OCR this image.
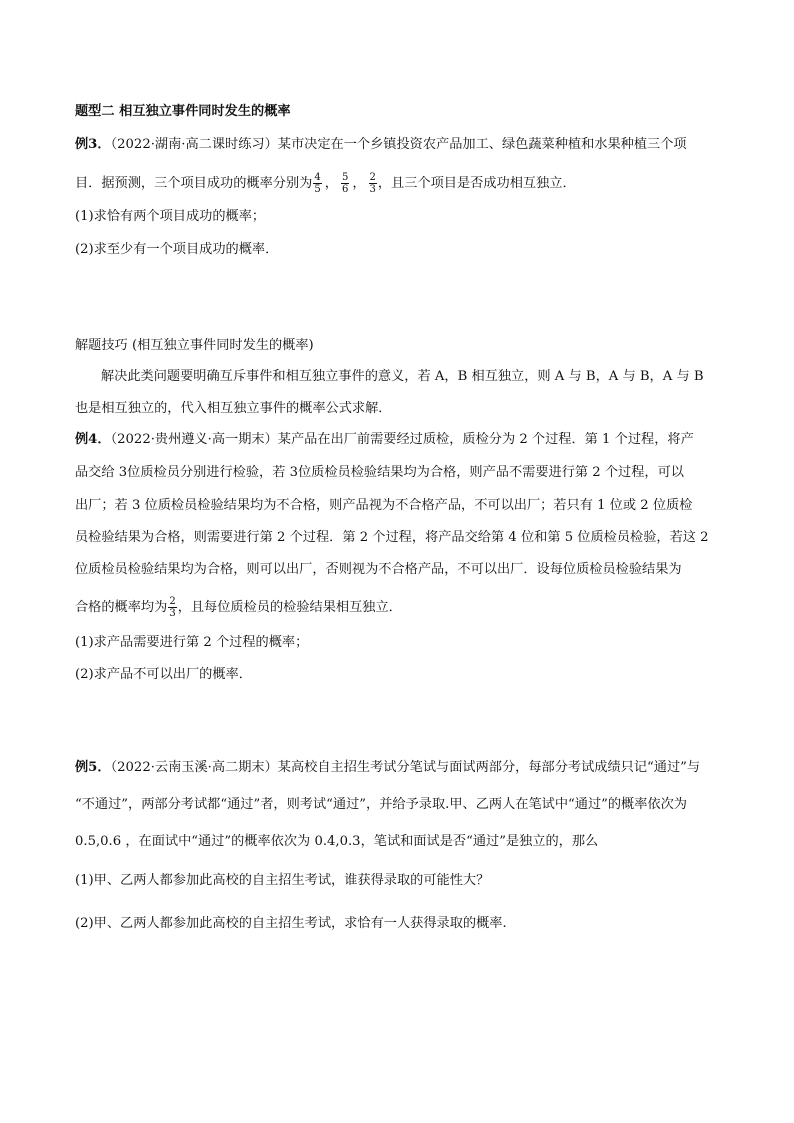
题型二 相互独立事件同时发生的概率
例3．（2022·湖南·高二课时练习）某市决定在一个乡镇投资农产品加工、绿色蔬菜种植和水果种植三个项
目．据预测，三个项目成功的概率分别为 $\frac{4}{5}$ ， $\frac{5}{6}$ ， $\frac{2}{3}$ ，且三个项目是否成功相互独立．
(1)求恰有两个项目成功的概率；
(2)求至少有一个项目成功的概率．
解题技巧 (相互独立事件同时发生的概率)
解决此类问题要明确互斥事件和相互独立事件的意义，若 A，B 相互独立，则 A 与 B，A 与 B，A 与 B
也是相互独立的，代入相互独立事件的概率公式求解．
例4．（2022·贵州遵义·高一期末）某产品在出厂前需要经过质检，质检分为 2 个过程．第 1 个过程，将产
品交给 3位质检员分别进行检验，若 3位质检员检验结果均为合格，则产品不需要进行第 2 个过程，可以
出厂；若 3 位质检员检验结果均为不合格，则产品视为不合格产品，不可以出厂；若只有 1 位或 2 位质检
员检验结果为合格，则需要进行第 2 个过程．第 2 个过程，将产品交给第 4 位和第 5 位质检员检验，若这 2
位质检员检验结果均为合格，则可以出厂，否则视为不合格产品，不可以出厂．设每位质检员检验结果为
合格的概率均为 $\frac{2}{3}$ ，且每位质检员的检验结果相互独立．
(1)求产品需要进行第 2 个过程的概率；
(2)求产品不可以出厂的概率．
例5．（2022·云南玉溪·高二期末）某高校自主招生考试分笔试与面试两部分，每部分考试成绩只记“通过”与
“不通过”，两部分考试都“通过”者，则考试“通过”，并给予录取.甲、乙两人在笔试中“通过”的概率依次为
0.5,0.6 ，在面试中“通过”的概率依次为 0.4,0.3，笔试和面试是否“通过”是独立的，那么
(1)甲、乙两人都参加此高校的自主招生考试，谁获得录取的可能性大？
(2)甲、乙两人都参加此高校的自主招生考试，求恰有一人获得录取的概率.
